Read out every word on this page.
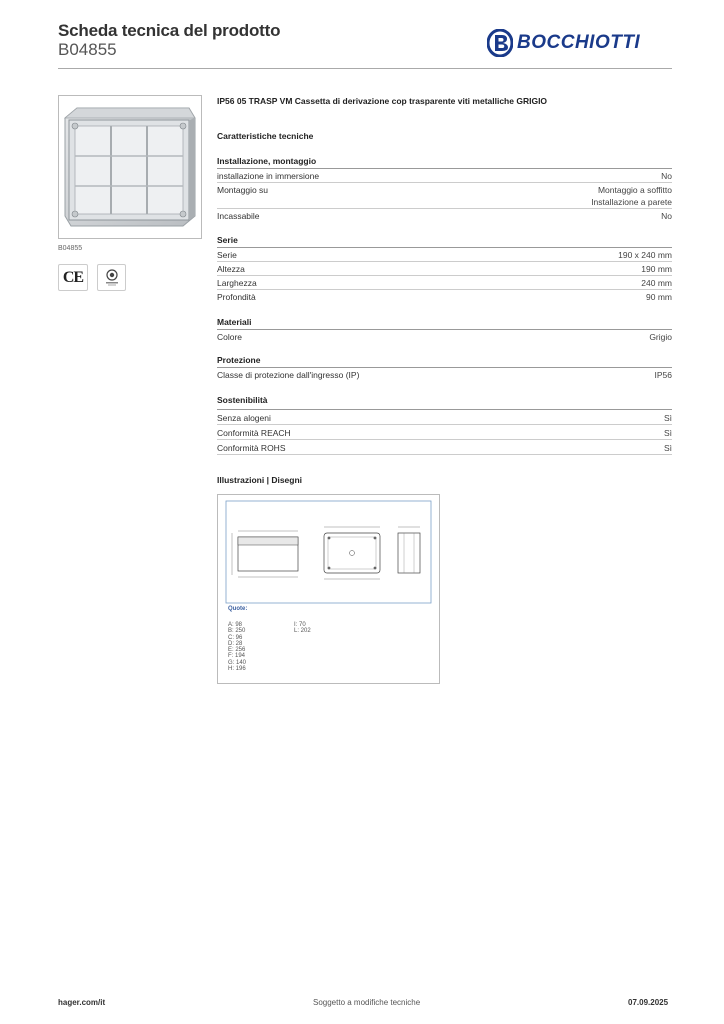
Scheda tecnica del prodotto
B04855	BOCCHIOTTI
B04855
CE
IP56 05 TRASP VM Cassetta di derivazione cop trasparente viti metalliche GRIGIO
Caratteristiche tecniche
Installazione, montaggio
installazione in immersione	No
Montaggio su	Montaggio a soffitto
Installazione a parete
Incassabile	No
Serie
Serie	190 x 240 mm
Altezza	190 mm
Larghezza	240 mm
Profondità	90 mm
Materiali
Colore	Grigio
Protezione
Classe di protezione dall'ingresso (IP)	IP56
Sostenibilità
Senza alogeni	Sì
Conformità REACH	Sì
Conformità ROHS	Sì
Illustrazioni | Disegni
Quote:
A: 98
B: 250
C: 96
D: 28
E: 256
F: 194
G: 140
H: 196
I: 70
L: 202
hager.com/it	Soggetto a modifiche tecniche	07.09.2025
